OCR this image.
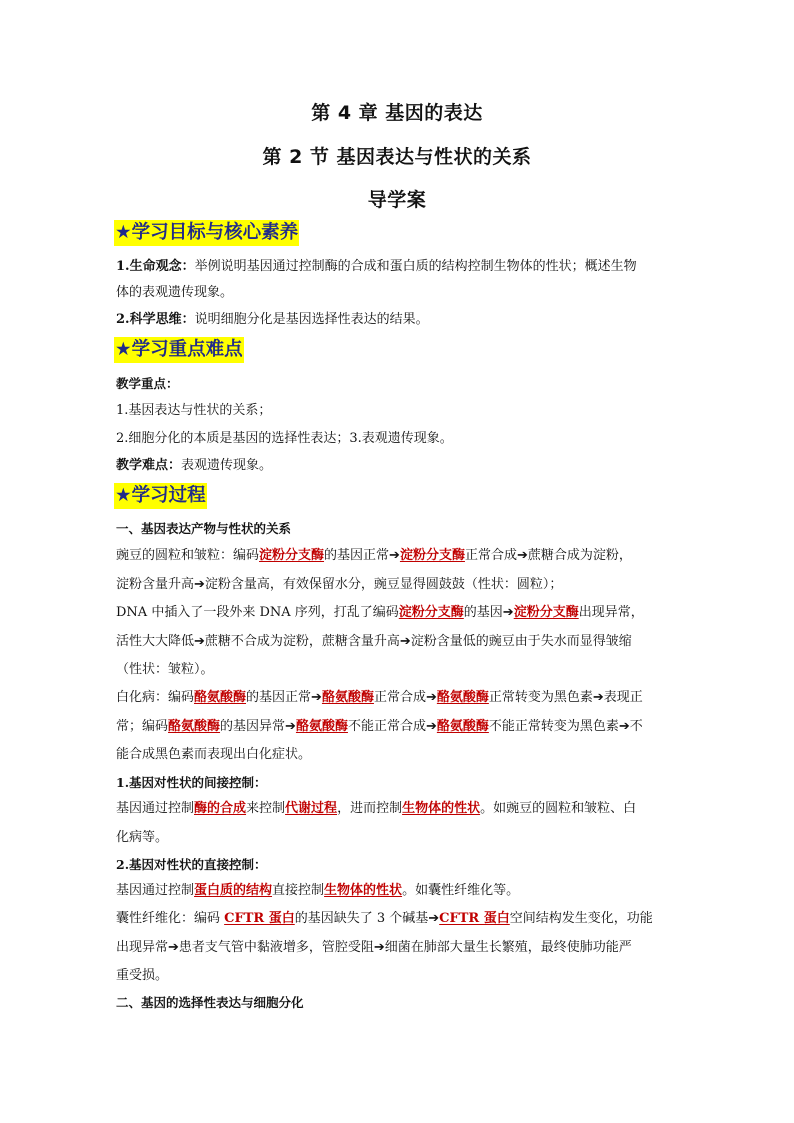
第 4 章 基因的表达
第 2 节 基因表达与性状的关系
导学案
★学习目标与核心素养
1.生命观念：举例说明基因通过控制酶的合成和蛋白质的结构控制生物体的性状；概述生物
体的表观遗传现象。
2.科学思维：说明细胞分化是基因选择性表达的结果。
★学习重点难点
教学重点：
1.基因表达与性状的关系；
2.细胞分化的本质是基因的选择性表达；3.表观遗传现象。
教学难点：表观遗传现象。
★学习过程
一、基因表达产物与性状的关系
豌豆的圆粒和皱粒：编码淀粉分支酶的基因正常➔淀粉分支酶正常合成➔蔗糖合成为淀粉，
淀粉含量升高➔淀粉含量高，有效保留水分，豌豆显得圆鼓鼓（性状：圆粒）；
DNA 中插入了一段外来 DNA 序列，打乱了编码淀粉分支酶的基因➔淀粉分支酶出现异常，
活性大大降低➔蔗糖不合成为淀粉，蔗糖含量升高➔淀粉含量低的豌豆由于失水而显得皱缩
（性状：皱粒）。
白化病：编码酪氨酸酶的基因正常➔酪氨酸酶正常合成➔酪氨酸酶正常转变为黑色素➔表现正
常；编码酪氨酸酶的基因异常➔酪氨酸酶不能正常合成➔酪氨酸酶不能正常转变为黑色素➔不
能合成黑色素而表现出白化症状。
1.基因对性状的间接控制：
基因通过控制酶的合成来控制代谢过程，进而控制生物体的性状。如豌豆的圆粒和皱粒、白
化病等。
2.基因对性状的直接控制：
基因通过控制蛋白质的结构直接控制生物体的性状。如囊性纤维化等。
囊性纤维化：编码 CFTR 蛋白的基因缺失了 3 个碱基➔CFTR 蛋白空间结构发生变化，功能
出现异常➔患者支气管中黏液增多，管腔受阻➔细菌在肺部大量生长繁殖，最终使肺功能严
重受损。
二、基因的选择性表达与细胞分化
